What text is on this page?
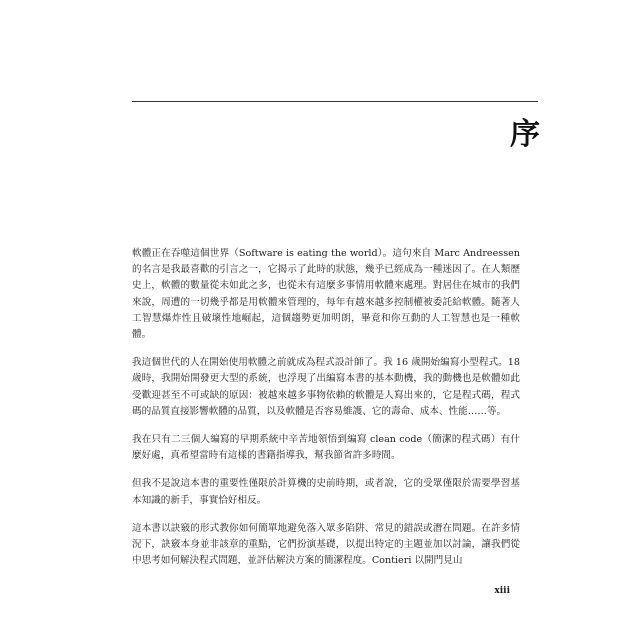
序

軟體正在吞噬這個世界（Software is eating the world）。這句來自 Marc Andreessen 的名言是我最喜歡的引言之一，它揭示了此時的狀態，幾乎已經成為一種迷因了。在人類歷史上，軟體的數量從未如此之多，也從未有這麼多事情用軟體來處理。對居住在城市的我們來說，周遭的一切幾乎都是用軟體來管理的，每年有越來越多控制權被委託給軟體。隨著人工智慧爆炸性且破壞性地崛起，這個趨勢更加明朗，畢竟和你互動的人工智慧也是一種軟體。

我這個世代的人在開始使用軟體之前就成為程式設計師了。我 16 歲開始編寫小型程式。18 歲時，我開始開發更大型的系統，也浮現了出編寫本書的基本動機，我的動機也是軟體如此受歡迎甚至不可或缺的原因：被越來越多事物依賴的軟體是人寫出來的，它是程式碼，程式碼的品質直接影響軟體的品質，以及軟體是否容易維護、它的壽命、成本、性能……等。

我在只有二三個人編寫的早期系統中辛苦地領悟到編寫 clean code（簡潔的程式碼）有什麼好處，真希望當時有這樣的書籍指導我，幫我節省許多時間。

但我不是說這本書的重要性僅限於計算機的史前時期，或者說，它的受眾僅限於需要學習基本知識的新手，事實恰好相反。

這本書以訣竅的形式教你如何簡單地避免落入眾多陷阱、常見的錯誤或潛在問題。在許多情況下，訣竅本身並非該章的重點，它們扮演基礎，以提出特定的主題並加以討論，讓我們從中思考如何解決程式問題，並評估解決方案的簡潔程度。Contieri 以開門見山

xiii
